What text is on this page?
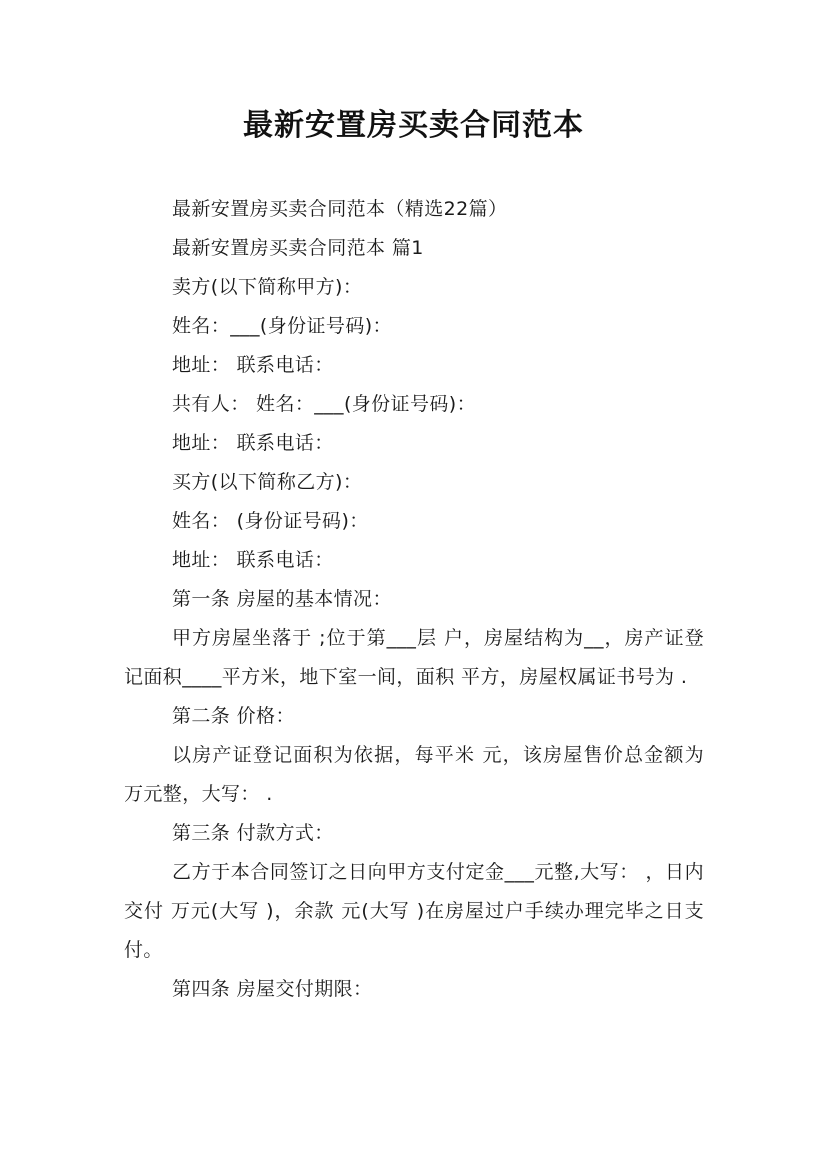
最新安置房买卖合同范本

最新安置房买卖合同范本（精选22篇）

最新安置房买卖合同范本 篇1

卖方(以下简称甲方)：

姓名：___(身份证号码)：

地址： 联系电话：

共有人： 姓名：___(身份证号码)：

地址： 联系电话：

买方(以下简称乙方)：

姓名： (身份证号码)：

地址： 联系电话：

第一条 房屋的基本情况：

甲方房屋坐落于 ;位于第___层 户，房屋结构为__，房产证登记面积____平方米，地下室一间，面积 平方，房屋权属证书号为 .

第二条 价格：

以房产证登记面积为依据，每平米 元，该房屋售价总金额为 万元整，大写： .

第三条 付款方式：

乙方于本合同签订之日向甲方支付定金___元整,大写： ，日内交付 万元(大写 )，余款 元(大写 )在房屋过户手续办理完毕之日支付。

第四条 房屋交付期限：
